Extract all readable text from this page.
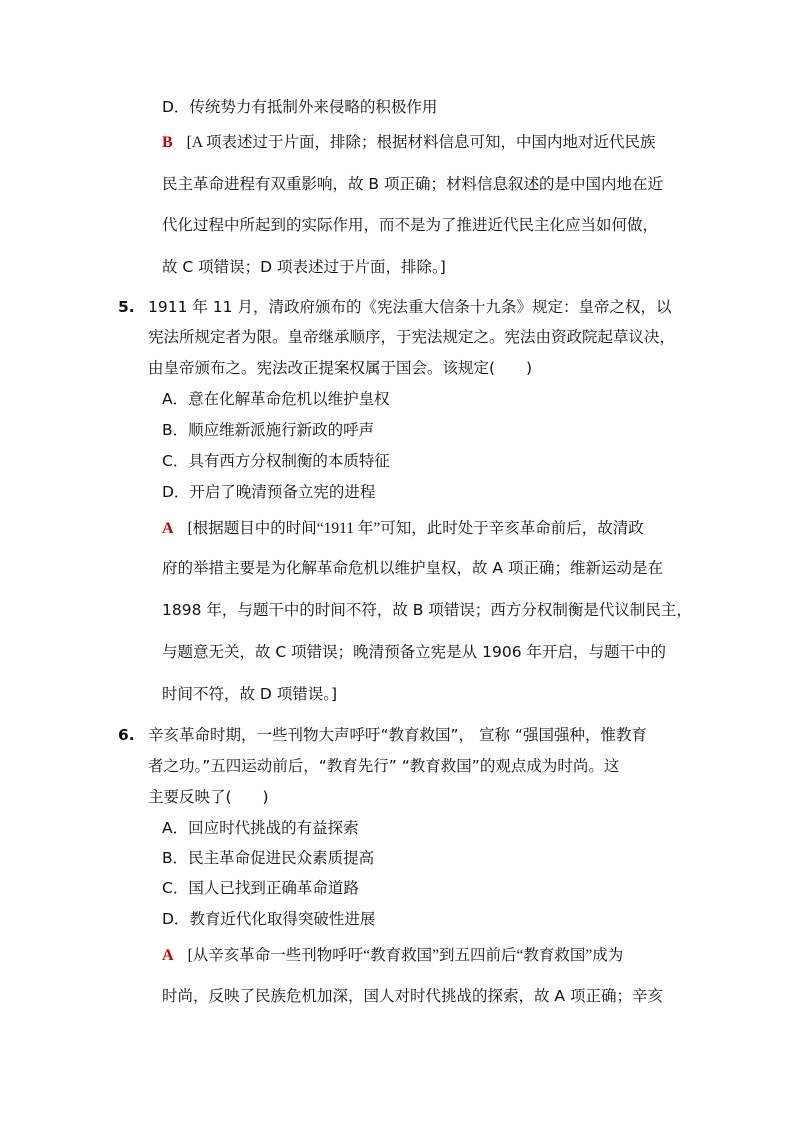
D．传统势力有抵制外来侵略的积极作用
B [A 项表述过于片面，排除；根据材料信息可知，中国内地对近代民族
民主革命进程有双重影响，故 B 项正确；材料信息叙述的是中国内地在近
代化过程中所起到的实际作用，而不是为了推进近代民主化应当如何做，
故 C 项错误；D 项表述过于片面，排除。]
5. 1911 年 11 月，清政府颁布的《宪法重大信条十九条》规定：皇帝之权，以
宪法所规定者为限。皇帝继承顺序，于宪法规定之。宪法由资政院起草议决，
由皇帝颁布之。宪法改正提案权属于国会。该规定(　　)
A．意在化解革命危机以维护皇权
B．顺应维新派施行新政的呼声
C．具有西方分权制衡的本质特征
D．开启了晚清预备立宪的进程
A [根据题目中的时间“1911 年”可知，此时处于辛亥革命前后，故清政
府的举措主要是为化解革命危机以维护皇权，故 A 项正确；维新运动是在
1898 年，与题干中的时间不符，故 B 项错误；西方分权制衡是代议制民主，
与题意无关，故 C 项错误；晚清预备立宪是从 1906 年开启，与题干中的
时间不符，故 D 项错误。]
6. 辛亥革命时期，一些刊物大声呼吁“教育救国”， 宣称 “强国强种，惟教育
者之功。”五四运动前后，“教育先行” “教育救国”的观点成为时尚。这
主要反映了(　　)
A．回应时代挑战的有益探索
B．民主革命促进民众素质提高
C．国人已找到正确革命道路
D．教育近代化取得突破性进展
A [从辛亥革命一些刊物呼吁“教育救国”到五四前后“教育救国”成为
时尚，反映了民族危机加深，国人对时代挑战的探索，故 A 项正确；辛亥
